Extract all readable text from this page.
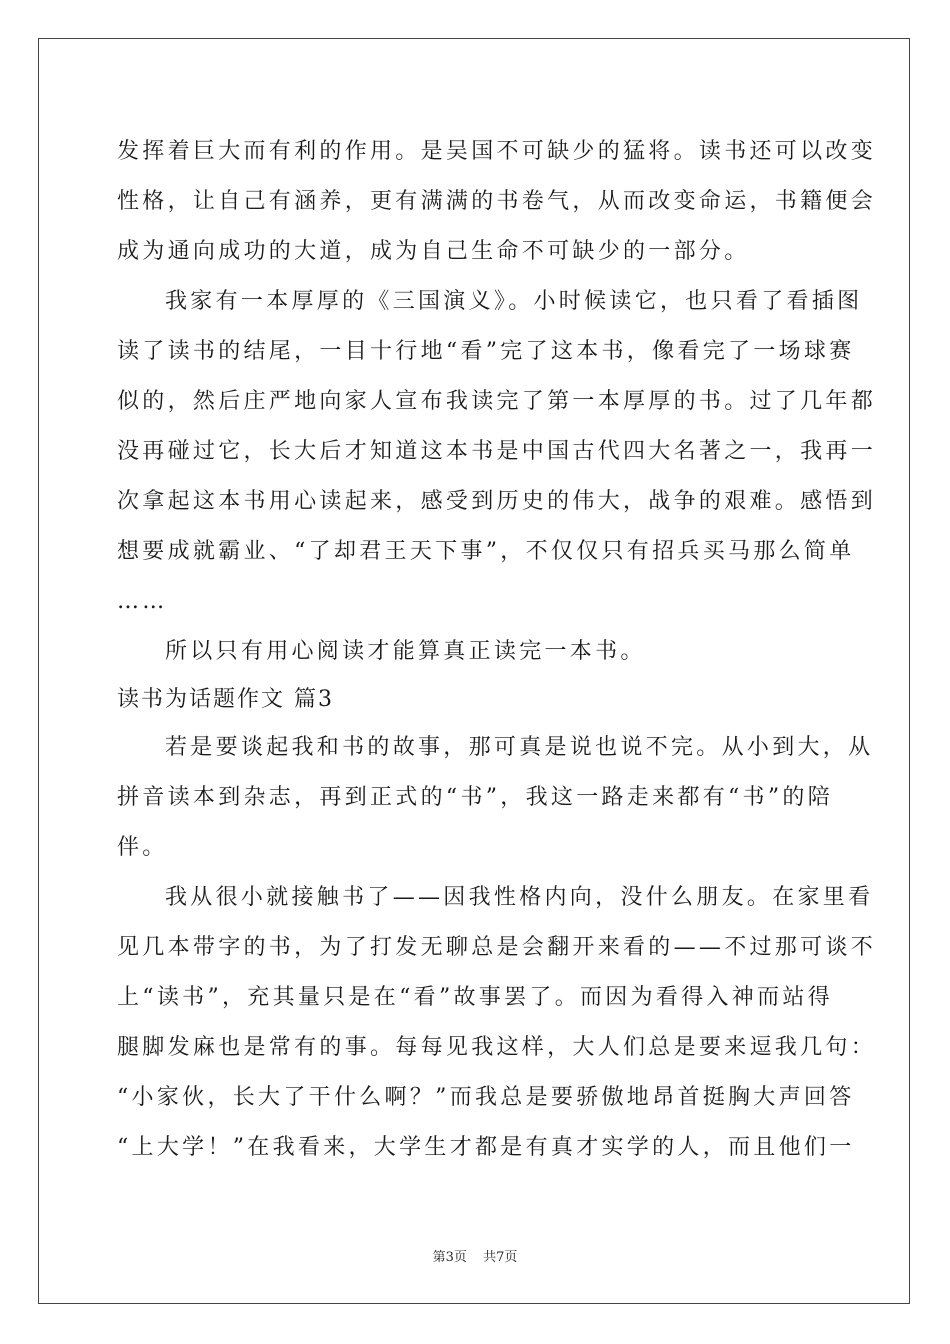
发挥着巨大而有利的作用。是吴国不可缺少的猛将。读书还可以改变
性格，让自己有涵养，更有满满的书卷气，从而改变命运，书籍便会
成为通向成功的大道，成为自己生命不可缺少的一部分。
我家有一本厚厚的《三国演义》。小时候读它，也只看了看插图
读了读书的结尾，一目十行地“看”完了这本书，像看完了一场球赛
似的，然后庄严地向家人宣布我读完了第一本厚厚的书。过了几年都
没再碰过它，长大后才知道这本书是中国古代四大名著之一，我再一
次拿起这本书用心读起来，感受到历史的伟大，战争的艰难。感悟到
想要成就霸业、“了却君王天下事”，不仅仅只有招兵买马那么简单
……
所以只有用心阅读才能算真正读完一本书。
读书为话题作文 篇3
若是要谈起我和书的故事，那可真是说也说不完。从小到大，从
拼音读本到杂志，再到正式的“书”，我这一路走来都有“书”的陪
伴。
我从很小就接触书了——因我性格内向，没什么朋友。在家里看
见几本带字的书，为了打发无聊总是会翻开来看的——不过那可谈不
上“读书”，充其量只是在“看”故事罢了。而因为看得入神而站得
腿脚发麻也是常有的事。每每见我这样，大人们总是要来逗我几句：
“小家伙，长大了干什么啊？”而我总是要骄傲地昂首挺胸大声回答
“上大学！”在我看来，大学生才都是有真才实学的人，而且他们一
第3页 共7页
